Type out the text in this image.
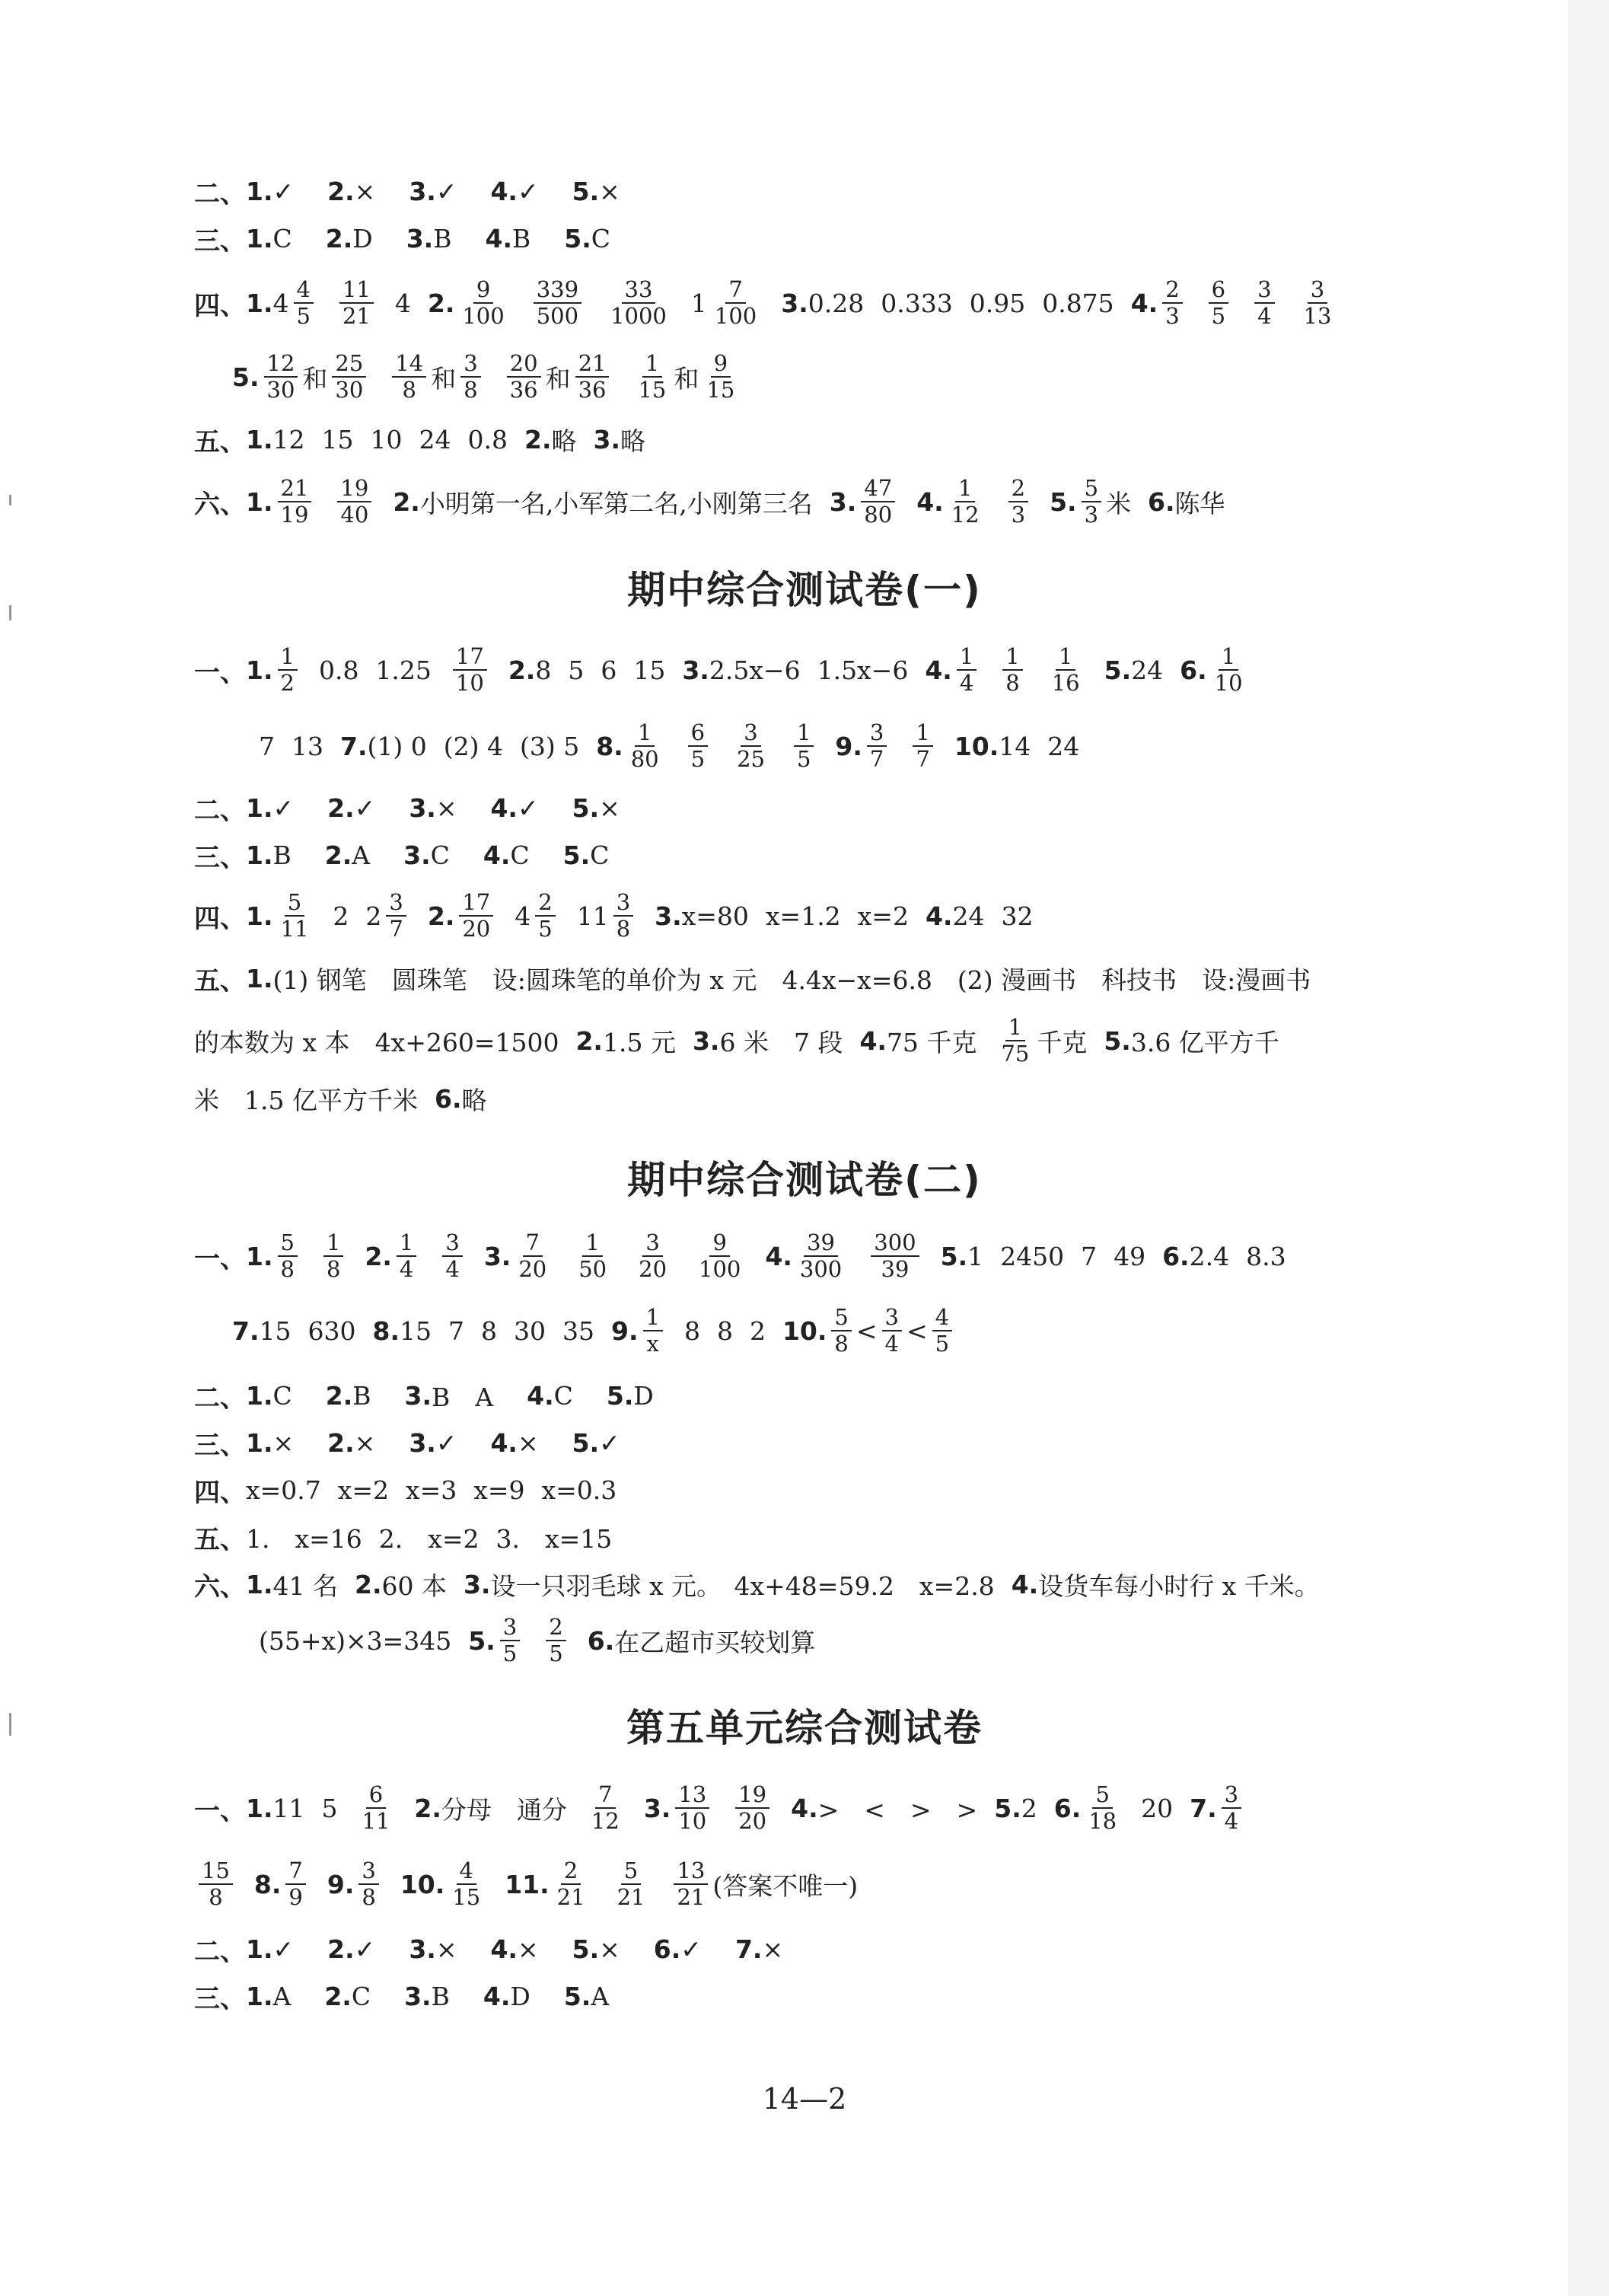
二、 1. ✓ 2. × 3. ✓ 4. ✓ 5. ×
三、 1. C 2. D 3. B 4. B 5. C
四、 1. $4 \frac{4}{5} \frac{11}{21} 4$ 2. $\frac{9}{100} \frac{339}{500} \frac{33}{1000} 1 \frac{7}{100} 3$. 0.28 0.333 0.95 0.875 4. $\frac{2}{3} \frac{6}{5} \frac{3}{4} \frac{3}{13}$
5. $\frac{12}{30}$ 和 $\frac{25}{30} \frac{14}{8}$ 和 $\frac{3}{8} \frac{20}{36}$ 和 $\frac{21}{36} \frac{1}{15}$ 和 $\frac{9}{15}$
五、 1. 12 15 10 24 0.8 2. 略 3. 略
六、 1. $\frac{21}{19} \frac{19}{40} 2$. 小明第一名,小军第二名,小刚第三名 3. $\frac{47}{80} 4$. $\frac{1}{12} \frac{2}{3} 5$. $\frac{5}{3}$ 米 6. 陈华
期中综合测试卷(一)
一、 1. $\frac{1}{2} 0.8$ $1.25 \frac{17}{10} 2$. 8 5 6 15 3. 2.5x−6 1.5x−6 4. $\frac{1}{4} \frac{1}{8} \frac{1}{16} 5$. 24 6. $\frac{1}{10}$
7 13 7. (1) 0 (2) 4 (3) 5 8. $\frac{1}{80} \frac{6}{5} \frac{3}{25} \frac{1}{5} 9$. $\frac{3}{7} \frac{1}{7} 10$. 14 24
二、 1. ✓ 2. ✓ 3. × 4. ✓ 5. ×
三、 1. B 2. A 3. C 4. C 5. C
四、 1. $\frac{5}{11} 2$ $2 \frac{3}{7} 2$. $\frac{17}{20} 4 \frac{2}{5} 11 \frac{3}{8} 3$. x=80 x=1.2 x=2 4. 24 32
五、 1. (1) 钢笔　圆珠笔　设:圆珠笔的单价为 x 元　4.4x−x=6.8　(2) 漫画书　科技书　设:漫画书
的本数为 x 本　4x+260=1500 2. 1.5 元 3. 6 米　7 段 4. 75 千克 $\frac{1}{75}$ 千克 5. 3.6 亿平方千
米　1.5 亿平方千米 6. 略
期中综合测试卷(二)
一、 1. $\frac{5}{8} \frac{1}{8} 2$. $\frac{1}{4} \frac{3}{4} 3$. $\frac{7}{20} \frac{1}{50} \frac{3}{20} \frac{9}{100} 4$. $\frac{39}{300} \frac{300}{39} 5$. 1 2450 7 49 6. 2.4 8.3
7. 15 630 8. 15 7 8 30 35 9. $\frac{1}{x} 8$ 8 2 10. $\frac{5}{8} < \frac{3}{4} < \frac{4}{5}$
二、 1. C 2. B 3. B　A 4. C 5. D
三、 1. × 2. × 3. ✓ 4. × 5. ✓
四、 x=0.7 x=2 x=3 x=9 x=0.3
五、 1.　x=16 2.　x=2 3.　x=15
六、 1. 41 名 2. 60 本 3. 设一只羽毛球 x 元。　4x+48=59.2　x=2.8 4. 设货车每小时行 x 千米。
(55+x)×3=345 5. $\frac{3}{5} \frac{2}{5} 6$. 在乙超市买较划算
第五单元综合测试卷
一、 1. 11 $5 \frac{6}{11} 2$. 分母　通分 $\frac{7}{12} 3$. $\frac{13}{10} \frac{19}{20} 4$. >　<　>　> 5. 2 6. $\frac{5}{18} 20$ 7. $\frac{3}{4}$
$\frac{15}{8} 8$. $\frac{7}{9} 9$. $\frac{3}{8} 10$. $\frac{4}{15} 11$. $\frac{2}{21} \frac{5}{21} \frac{13}{21}$ (答案不唯一)
二、 1. ✓ 2. ✓ 3. × 4. × 5. × 6. ✓ 7. ×
三、 1. A 2. C 3. B 4. D 5. A
14—2
